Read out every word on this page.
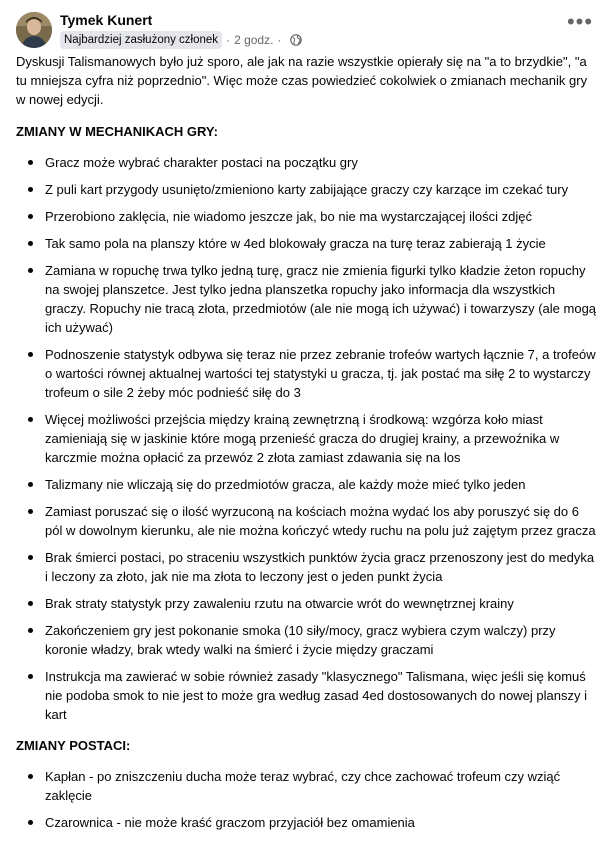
Tymek Kunert
Najbardziej zasłużony członek · 2 godz. ·
•••

Dyskusji Talismanowych było już sporo, ale jak na razie wszystkie opierały się na "a to brzydkie", "a tu mniejsza cyfra niż poprzednio". Więc może czas powiedzieć cokolwiek o zmianach mechanik gry w nowej edycji.

ZMIANY W MECHANIKACH GRY:
Gracz może wybrać charakter postaci na początku gry
Z puli kart przygody usunięto/zmieniono karty zabijające graczy czy karzące im czekać tury
Przerobiono zaklęcia, nie wiadomo jeszcze jak, bo nie ma wystarczającej ilości zdjęć
Tak samo pola na planszy które w 4ed blokowały gracza na turę teraz zabierają 1 życie
Zamiana w ropuchę trwa tylko jedną turę, gracz nie zmienia figurki tylko kładzie żeton ropuchy na swojej planszetce. Jest tylko jedna planszetka ropuchy jako informacja dla wszystkich graczy. Ropuchy nie tracą złota, przedmiotów (ale nie mogą ich używać) i towarzyszy (ale mogą ich używać)
Podnoszenie statystyk odbywa się teraz nie przez zebranie trofeów wartych łącznie 7, a trofeów o wartości równej aktualnej wartości tej statystyki u gracza, tj. jak postać ma siłę 2 to wystarczy trofeum o sile 2 żeby móc podnieść siłę do 3
Więcej możliwości przejścia między krainą zewnętrzną i środkową: wzgórza koło miast zamieniają się w jaskinie które mogą przenieść gracza do drugiej krainy, a przewoźnika w karczmie można opłacić za przewóz 2 złota zamiast zdawania się na los
Talizmany nie wliczają się do przedmiotów gracza, ale każdy może mieć tylko jeden
Zamiast poruszać się o ilość wyrzuconą na kościach można wydać los aby poruszyć się do 6 pól w dowolnym kierunku, ale nie można kończyć wtedy ruchu na polu już zajętym przez gracza
Brak śmierci postaci, po straceniu wszystkich punktów życia gracz przenoszony jest do medyka i leczony za złoto, jak nie ma złota to leczony jest o jeden punkt życia
Brak straty statystyk przy zawaleniu rzutu na otwarcie wrót do wewnętrznej krainy
Zakończeniem gry jest pokonanie smoka (10 siły/mocy, gracz wybiera czym walczy) przy koronie władzy, brak wtedy walki na śmierć i życie między graczami
Instrukcja ma zawierać w sobie również zasady "klasycznego" Talismana, więc jeśli się komuś nie podoba smok to nie jest to może gra według zasad 4ed dostosowanych do nowej planszy i kart
ZMIANY POSTACI:
Kapłan - po zniszczeniu ducha może teraz wybrać, czy chce zachować trofeum czy wziąć zaklęcie
Czarownica - nie może kraść graczom przyjaciół bez omamienia
